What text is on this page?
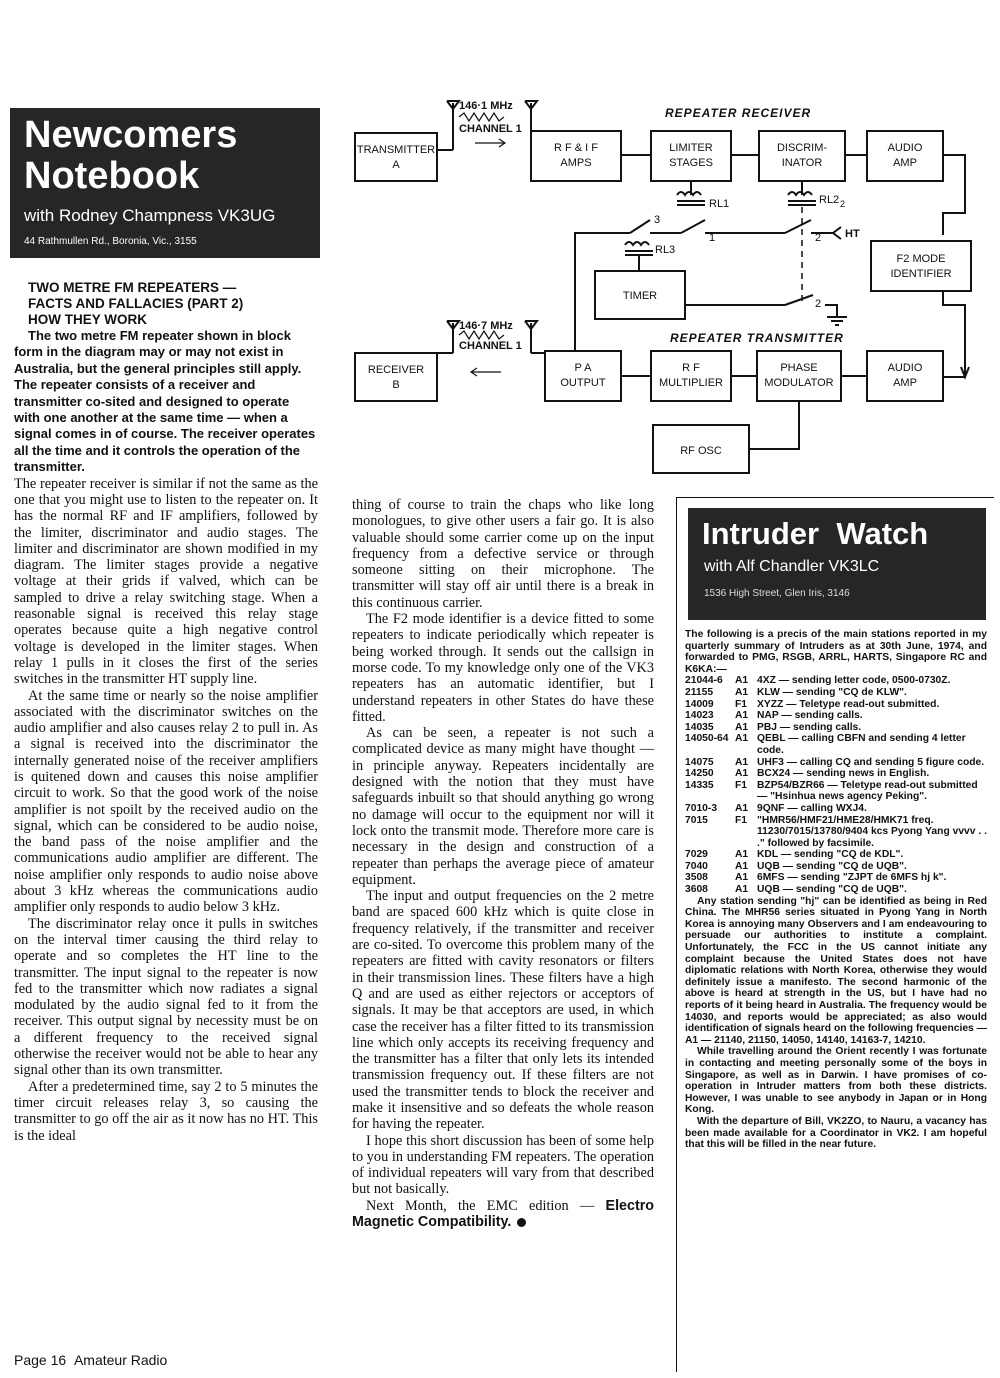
Newcomers
Notebook
with Rodney Champness VK3UG
44 Rathmullen Rd., Boronia, Vic., 3155
REPEATER RECEIVER
REPEATER TRANSMITTER
146·1 MHz
CHANNEL 1
TRANSMITTER
A
R F & I F
AMPS
LIMITER
STAGES
DISCRIM-
INATOR
AUDIO
AMP
RL1	RL2 2
3
1	2 HT
RL3
TIMER
2
F2 MODE
IDENTIFIER
146·7 MHz
CHANNEL 1
RECEIVER
B
P A
OUTPUT
R F
MULTIPLIER
PHASE
MODULATOR
AUDIO
AMP
RF OSC

TWO METRE FM REPEATERS —

FACTS AND FALLACIES (PART 2)

HOW THEY WORK

The two metre FM repeater shown in block form in the diagram may or may not exist in Australia, but the general principles still apply. The repeater consists of a receiver and transmitter co-sited and designed to operate with one another at the same time — when a signal comes in of course. The receiver operates all the time and it controls the operation of the transmitter.

The repeater receiver is similar if not the same as the one that you might use to listen to the repeater on. It has the normal RF and IF amplifiers, followed by the limiter, discriminator and audio stages. The limiter and discriminator are shown modified in my diagram. The limiter stages provide a negative voltage at their grids if valved, which can be sampled to drive a relay switching stage. When a reasonable signal is received this relay stage operates because quite a high negative control voltage is developed in the limiter stages. When relay 1 pulls in it closes the first of the series switches in the transmitter HT supply line.

At the same time or nearly so the noise amplifier associated with the discriminator switches on the audio amplifier and also causes relay 2 to pull in. As a signal is received into the discriminator the internally generated noise of the receiver amplifiers is quitened down and causes this noise amplifier circuit to work. So that the good work of the noise amplifier is not spoilt by the received audio on the signal, which can be considered to be audio noise, the band pass of the noise amplifier and the communications audio amplifier are different. The noise amplifier only responds to audio noise above about 3 kHz whereas the communications audio amplifier only responds to audio below 3 kHz.

The discriminator relay once it pulls in switches on the interval timer causing the third relay to operate and so completes the HT line to the transmitter. The input signal to the repeater is now fed to the transmitter which now radiates a signal modulated by the audio signal fed to it from the receiver. This output signal by necessity must be on a different frequency to the received signal otherwise the receiver would not be able to hear any signal other than its own transmitter.

After a predetermined time, say 2 to 5 minutes the timer circuit releases relay 3, so causing the transmitter to go off the air as it now has no HT. This is the ideal

thing of course to train the chaps who like long monologues, to give other users a fair go. It is also valuable should some carrier come up on the input frequency from a defective service or through someone sitting on their microphone. The transmitter will stay off air until there is a break in this continuous carrier.

The F2 mode identifier is a device fitted to some repeaters to indicate periodically which repeater is being worked through. It sends out the callsign in morse code. To my knowledge only one of the VK3 repeaters has an automatic identifier, but I understand repeaters in other States do have these fitted.

As can be seen, a repeater is not such a complicated device as many might have thought — in principle anyway. Repeaters incidentally are designed with the notion that they must have safeguards inbuilt so that should anything go wrong no damage will occur to the equipment nor will it lock onto the transmit mode. Therefore more care is necessary in the design and construction of a repeater than perhaps the average piece of amateur equipment.

The input and output frequencies on the 2 metre band are spaced 600 kHz which is quite close in frequency relatively, if the transmitter and receiver are co-sited. To overcome this problem many of the repeaters are fitted with cavity resonators or filters in their transmission lines. These filters have a high Q and are used as either rejectors or acceptors of signals. It may be that acceptors are used, in which case the receiver has a filter fitted to its transmission line which only accepts its receiving frequency and the transmitter has a filter that only lets its intended transmission frequency out. If these filters are not used the transmitter tends to block the receiver and make it insensitive and so defeats the whole reason for having the repeater.

I hope this short discussion has been of some help to you in understanding FM repeaters. The operation of individual repeaters will vary from that described but not basically.

Next Month, the EMC edition — Electro Magnetic Compatibility.

Intruder  Watch
with Alf Chandler VK3LC
1536 High Street, Glen Iris, 3146

The following is a precis of the main stations reported in my quarterly summary of Intruders as at 30th June, 1974, and forwarded to PMG, RSGB, ARRL, HARTS, Singapore RC and K6KA:—

21044-6	A1	4XZ — sending letter code, 0500-0730Z.
21155	A1	KLW — sending "CQ de KLW".
14009	F1	XYZZ — Teletype read-out submitted.
14023	A1	NAP — sending calls.
14035	A1	PBJ — sending calls.
14050-64	A1	QEBL — calling CBFN and sending 4 letter code.
14075	A1	UHF3 — calling CQ and sending 5 figure code.
14250	A1	BCX24 — sending news in English.
14335	F1	BZP54/BZR66 — Teletype read-out submitted — "Hsinhua news agency Peking".
7010-3	A1	9QNF — calling WXJ4.
7015	F1	"HMR56/HMF21/HME28/HMK71 freq. 11230/7015/13780/9404 kcs Pyong Yang vvvv . . ." followed by facsimile.
7029	A1	KDL — sending "CQ de KDL".
7040	A1	UQB — sending "CQ de UQB".
3508	A1	6MFS — sending "ZJPT de 6MFS hj k".
3608	A1	UQB — sending "CQ de UQB".

Any station sending "hj" can be identified as being in Red China. The MHR56 series situated in Pyong Yang in North Korea is annoying many Observers and I am endeavouring to persuade our authorities to institute a complaint. Unfortunately, the FCC in the US cannot initiate any complaint because the United States does not have diplomatic relations with North Korea, otherwise they would definitely issue a manifesto. The second harmonic of the above is heard at strength in the US, but I have had no reports of it being heard in Australia. The frequency would be 14030, and reports would be appreciated; as also would identification of signals heard on the following frequencies — A1 — 21140, 21150, 14050, 14140, 14163-7, 14210.

While travelling around the Orient recently I was fortunate in contacting and meeting personally some of the boys in Singapore, as well as in Darwin. I have promises of co-operation in Intruder matters from both these districts. However, I was unable to see anybody in Japan or in Hong Kong.

With the departure of Bill, VK2ZO, to Nauru, a vacancy has been made available for a Coordinator in VK2. I am hopeful that this will be filled in the near future.

Page 16 Amateur Radio
